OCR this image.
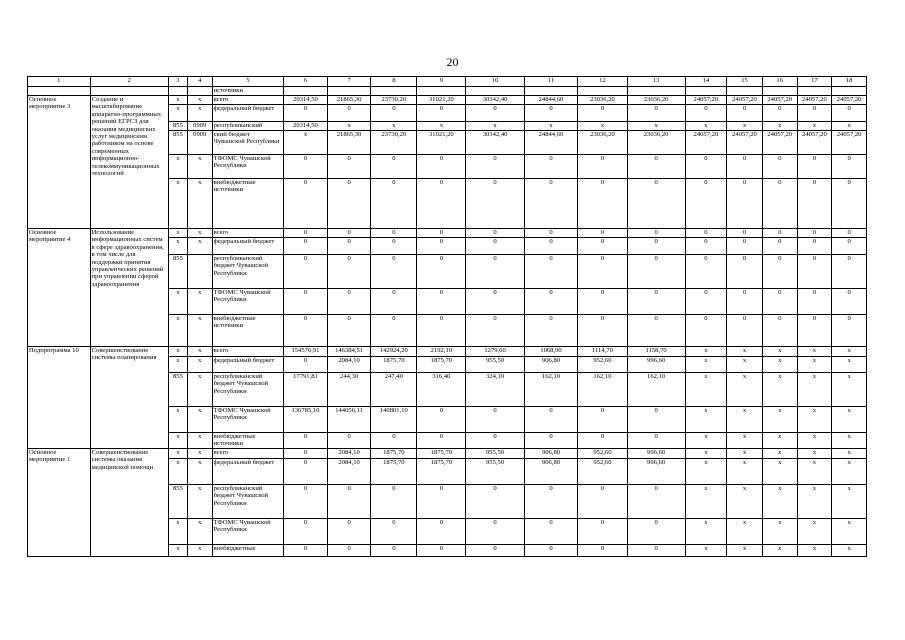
20
1	2	3	4	5	6	7	8	9	10	11	12	13	14	15	16	17	18
				источники													
Основное мероприятие 3	Создание и масштабирование аппаратно-программных решений ЕГРСЗ для оказания медицинских услуг медицинским работником на основе современных информационно-телекоммуникационных технологий	x	x	всего	20314,50	21865,30	23730,20	31021,20	30342,40	24844,60	23036,20	23036,20	24057,20	24057,20	24057,20	24057,20	24057,20
		x	x	федеральный бюджет	0	0	0	0	0	0	0	0	0	0	0	0	0
		855	0909	республиканский	20314,50	x	x	x	x	x	x	x	x	x	x	x	x
		855	0909	ский бюджет Чувашской Республики	x	21865,30	23730,20	31021,20	30342,40	24844,60	23036,20	23036,20	24057,20	24057,20	24057,20	24057,20	24057,20
		x	x	ТФОМС Чувашской Республики	0	0	0	0	0	0	0	0	0	0	0	0	0
		x	x	внебюджетные источники	0	0	0	0	0	0	0	0	0	0	0	0	0
Основное мероприятие 4	Использование информационных систем в сфере здравоохранения, в том числе для поддержки принятия управленческих решений при управлении сферой здравоохранения	x	x	всего	0	0	0	0	0	0	0	0	0	0	0	0	0
		x	x	федеральный бюджет	0	0	0	0	0	0	0	0	0	0	0	0	0
		855		республиканский бюджет Чувашской Республики	0	0	0	0	0	0	0	0	0	0	0	0	0
		x	x	ТФОМС Чувашской Республики	0	0	0	0	0	0	0	0	0	0	0	0	0
		x	x	внебюджетные источники	0	0	0	0	0	0	0	0	0	0	0	0	0
Подпрограмма 10	Совершенствование системы планирования	x	x	всего	154576,91	146384,51	142924,20	2192,10	1279,60	1068,90	1114,70	1158,70	x	x	x	x	x
		x	x	федеральный бюджет	0	2084,10	1875,70	1875,70	955,50	906,80	952,60	996,60	x	x	x	x	x
		855	x	республиканский бюджет Чувашской Республики	17791,81	244,30	247,40	316,40	324,10	162,10	162,10	162,10	x	x	x	x	x
		x	x	ТФОМС Чувашской Республики	136785,10	144056,11	140801,10	0	0	0	0	0	x	x	x	x	x
		x	x	внебюджетные источники	0	0	0	0	0	0	0	0	x	x	x	x	x
Основное мероприятие 1	Совершенствование системы оказания медицинской помощи	x	x	всего	0	2084,10	1875,70	1875,70	955,50	906,80	952,60	996,60	x	x	x	x	x
		x	x	федеральный бюджет	0	2084,10	1875,70	1875,70	955,50	906,80	952,60	996,60	x	x	x	x	x
		855	x	республиканский бюджет Чувашской Республики	0	0	0	0	0	0	0	0	x	x	x	x	x
		x	x	ТФОМС Чувашской Республики	0	0	0	0	0	0	0	0	x	x	x	x	x
		x	x	внебюджетные	0	0	0	0	0	0	0	0	x	x	x	x	x
